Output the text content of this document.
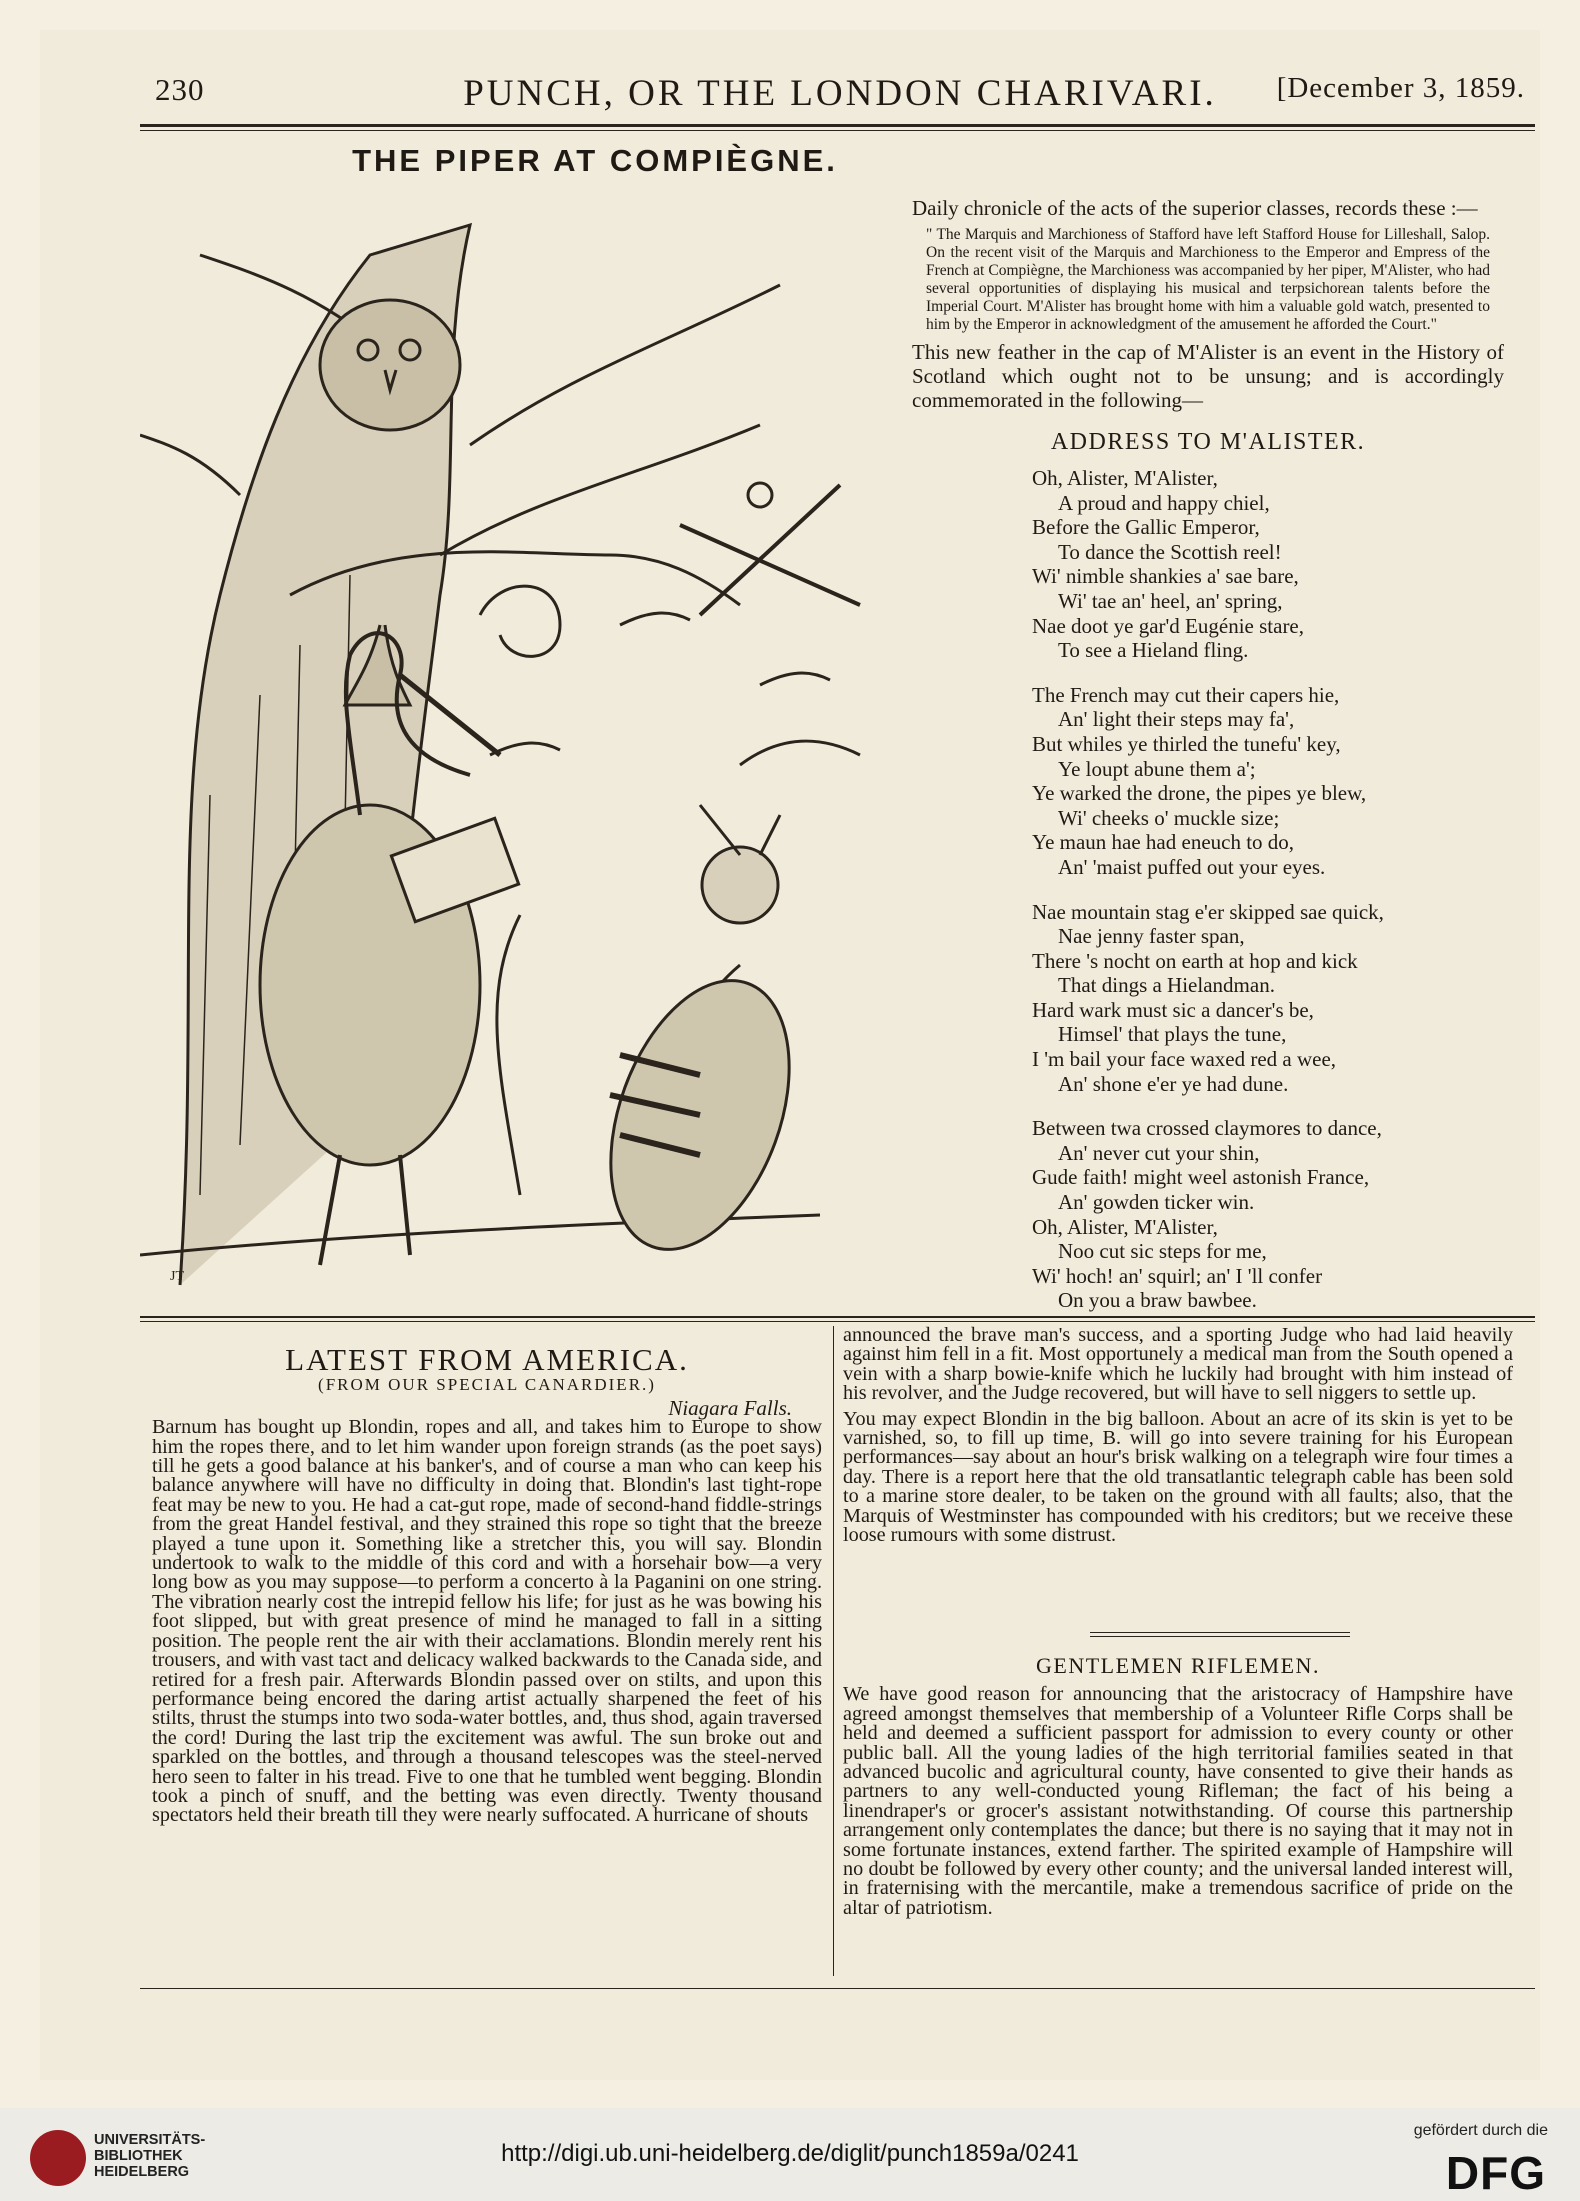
230	PUNCH, OR THE LONDON CHARIVARI.	[December 3, 1859.
THE PIPER AT COMPIÈGNE.
JT

Daily chronicle of the acts of the superior classes, records these :—

" The Marquis and Marchioness of Stafford have left Stafford House for Lilleshall, Salop. On the recent visit of the Marquis and Marchioness to the Emperor and Empress of the French at Compiègne, the Marchioness was accompanied by her piper, M'Alister, who had several opportunities of displaying his musical and terpsichorean talents before the Imperial Court. M'Alister has brought home with him a valuable gold watch, presented to him by the Emperor in acknowledgment of the amusement he afforded the Court."

This new feather in the cap of M'Alister is an event in the History of Scotland which ought not to be unsung; and is accordingly commemorated in the following—

ADDRESS TO M'ALISTER.
Oh, Alister, M'Alister,
A proud and happy chiel,
Before the Gallic Emperor,
To dance the Scottish reel!
Wi' nimble shankies a' sae bare,
Wi' tae an' heel, an' spring,
Nae doot ye gar'd Eugénie stare,
To see a Hieland fling.
The French may cut their capers hie,
An' light their steps may fa',
But whiles ye thirled the tunefu' key,
Ye loupt abune them a';
Ye warked the drone, the pipes ye blew,
Wi' cheeks o' muckle size;
Ye maun hae had eneuch to do,
An' 'maist puffed out your eyes.
Nae mountain stag e'er skipped sae quick,
Nae jenny faster span,
There 's nocht on earth at hop and kick
That dings a Hielandman.
Hard wark must sic a dancer's be,
Himsel' that plays the tune,
I 'm bail your face waxed red a wee,
An' shone e'er ye had dune.
Between twa crossed claymores to dance,
An' never cut your shin,
Gude faith! might weel astonish France,
An' gowden ticker win.
Oh, Alister, M'Alister,
Noo cut sic steps for me,
Wi' hoch! an' squirl; an' I 'll confer
On you a braw bawbee.
LATEST FROM AMERICA.
(FROM OUR SPECIAL CANARDIER.)
Niagara Falls.

Barnum has bought up Blondin, ropes and all, and takes him to Europe to show him the ropes there, and to let him wander upon foreign strands (as the poet says) till he gets a good balance at his banker's, and of course a man who can keep his balance anywhere will have no difficulty in doing that. Blondin's last tight-rope feat may be new to you. He had a cat-gut rope, made of second-hand fiddle-strings from the great Handel festival, and they strained this rope so tight that the breeze played a tune upon it. Something like a stretcher this, you will say. Blondin undertook to walk to the middle of this cord and with a horsehair bow—a very long bow as you may suppose—to perform a concerto à la Paganini on one string. The vibration nearly cost the intrepid fellow his life; for just as he was bowing his foot slipped, but with great presence of mind he managed to fall in a sitting position. The people rent the air with their acclamations. Blondin merely rent his trousers, and with vast tact and delicacy walked backwards to the Canada side, and retired for a fresh pair. Afterwards Blondin passed over on stilts, and upon this performance being encored the daring artist actually sharpened the feet of his stilts, thrust the stumps into two soda-water bottles, and, thus shod, again traversed the cord! During the last trip the excitement was awful. The sun broke out and sparkled on the bottles, and through a thousand telescopes was the steel-nerved hero seen to falter in his tread. Five to one that he tumbled went begging. Blondin took a pinch of snuff, and the betting was even directly. Twenty thousand spectators held their breath till they were nearly suffocated. A hurricane of shouts

announced the brave man's success, and a sporting Judge who had laid heavily against him fell in a fit. Most opportunely a medical man from the South opened a vein with a sharp bowie-knife which he luckily had brought with him instead of his revolver, and the Judge recovered, but will have to sell niggers to settle up.

You may expect Blondin in the big balloon. About an acre of its skin is yet to be varnished, so, to fill up time, B. will go into severe training for his European performances—say about an hour's brisk walking on a telegraph wire four times a day. There is a report here that the old transatlantic telegraph cable has been sold to a marine store dealer, to be taken on the ground with all faults; also, that the Marquis of Westminster has compounded with his creditors; but we receive these loose rumours with some distrust.

GENTLEMEN RIFLEMEN.

We have good reason for announcing that the aristocracy of Hampshire have agreed amongst themselves that membership of a Volunteer Rifle Corps shall be held and deemed a sufficient passport for admission to every county or other public ball. All the young ladies of the high territorial families seated in that advanced bucolic and agricultural county, have consented to give their hands as partners to any well-conducted young Rifleman; the fact of his being a linendraper's or grocer's assistant notwithstanding. Of course this partnership arrangement only contemplates the dance; but there is no saying that it may not in some fortunate instances, extend farther. The spirited example of Hampshire will no doubt be followed by every other county; and the universal landed interest will, in fraternising with the mercantile, make a tremendous sacrifice of pride on the altar of patriotism.

UNIVERSITÄTS-
BIBLIOTHEK
HEIDELBERG
http://digi.ub.uni-heidelberg.de/diglit/punch1859a/0241
gefördert durch die
DFG
